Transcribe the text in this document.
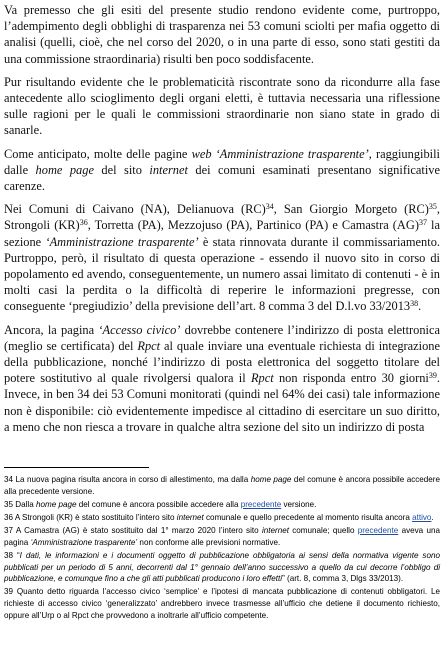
Va premesso che gli esiti del presente studio rendono evidente come, purtroppo, l’adempimento degli obblighi di trasparenza nei 53 comuni sciolti per mafia oggetto di analisi (quelli, cioè, che nel corso del 2020, o in una parte di esso, sono stati gestiti da una commissione straordinaria) risulti ben poco soddisfacente.

Pur risultando evidente che le problematicità riscontrate sono da ricondurre alla fase antecedente allo scioglimento degli organi eletti, è tuttavia necessaria una riflessione sulle ragioni per le quali le commissioni straordinarie non siano state in grado di sanarle.

Come anticipato, molte delle pagine web ‘Amministrazione trasparente’, raggiungibili dalle home page del sito internet dei comuni esaminati presentano significative carenze.

Nei Comuni di Caivano (NA), Delianuova (RC)$^{34}$, San Giorgio Morgeto (RC)$^{35}$, Strongoli (KR)$^{36}$, Torretta (PA), Mezzojuso (PA), Partinico (PA) e Camastra (AG)$^{37}$ la sezione ‘Amministrazione trasparente’ è stata rinnovata durante il commissariamento. Purtroppo, però, il risultato di questa operazione - essendo il nuovo sito in corso di popolamento ed avendo, conseguentemente, un numero assai limitato di contenuti - è in molti casi la perdita o la difficoltà di reperire le informazioni pregresse, con conseguente ‘pregiudizio’ della previsione dell’art. 8 comma 3 del D.l.vo 33/2013$^{38}$.

Ancora, la pagina ‘Accesso civico’ dovrebbe contenere l’indirizzo di posta elettronica (meglio se certificata) del Rpct al quale inviare una eventuale richiesta di integrazione della pubblicazione, nonché l’indirizzo di posta elettronica del soggetto titolare del potere sostitutivo al quale rivolgersi qualora il Rpct non risponda entro 30 giorni$^{39}$. Invece, in ben 34 dei 53 Comuni monitorati (quindi nel 64% dei casi) tale informazione non è disponibile: ciò evidentemente impedisce al cittadino di esercitare un suo diritto, a meno che non riesca a trovare in qualche altra sezione del sito un indirizzo di posta

34 La nuova pagina risulta ancora in corso di allestimento, ma dalla home page del comune è ancora possibile accedere alla precedente versione.

35 Dalla home page del comune è ancora possibile accedere alla precedente versione.

36 A Strongoli (KR) è stato sostituito l’intero sito internet comunale e quello precedente al momento risulta ancora attivo.

37 A Camastra (AG) è stato sostituito dal 1° marzo 2020 l’intero sito internet comunale; quello precedente aveva una pagina ‘Amministrazione trasparente’ non conforme alle previsioni normative.

38 “I dati, le informazioni e i documenti oggetto di pubblicazione obbligatoria ai sensi della normativa vigente sono pubblicati per un periodo di 5 anni, decorrenti dal 1° gennaio dell’anno successivo a quello da cui decorre l’obbligo di pubblicazione, e comunque fino a che gli atti pubblicati producono i loro effetti” (art. 8, comma 3, Dlgs 33/2013).

39 Quanto detto riguarda l’accesso civico ‘semplice’ e l’ipotesi di mancata pubblicazione di contenuti obbligatori. Le richieste di accesso civico ‘generalizzato’ andrebbero invece trasmesse all’ufficio che detiene il documento richiesto, oppure all’Urp o al Rpct che provvedono a inoltrarle all’ufficio competente.
